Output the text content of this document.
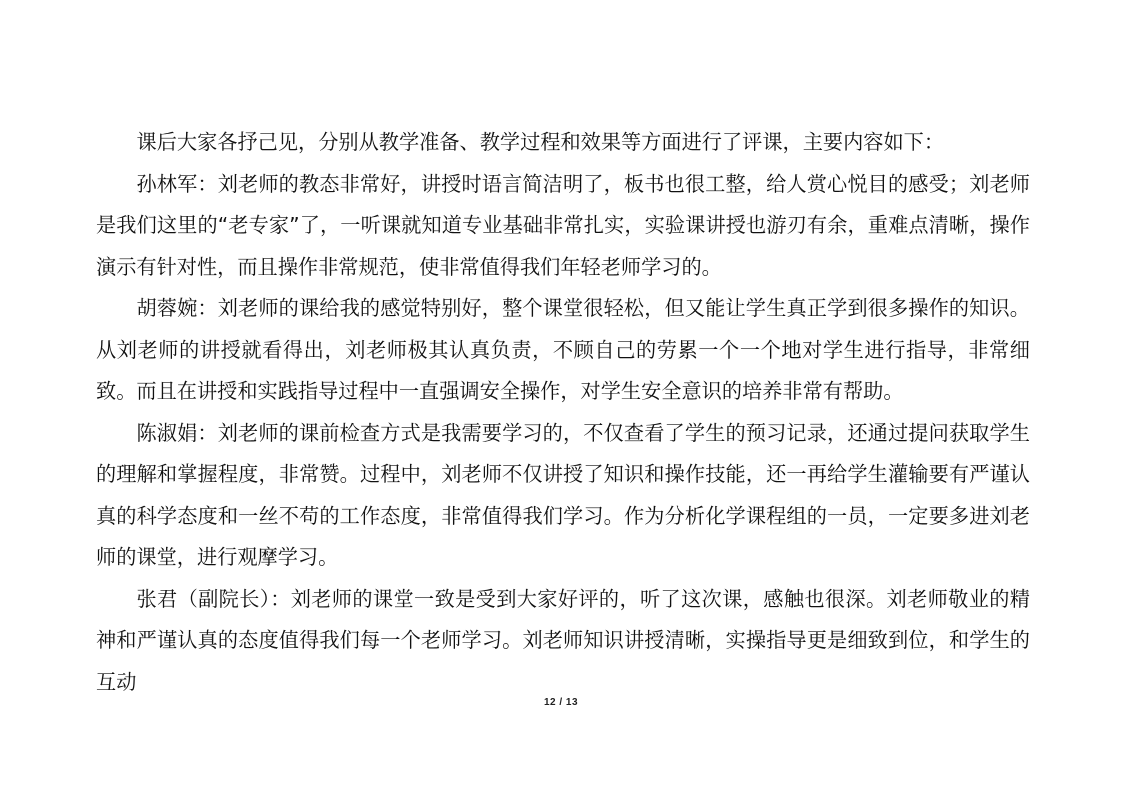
课后大家各抒己见，分别从教学准备、教学过程和效果等方面进行了评课，主要内容如下：

孙林军：刘老师的教态非常好，讲授时语言简洁明了，板书也很工整，给人赏心悦目的感受；刘老师是我们这里的“老专家”了，一听课就知道专业基础非常扎实，实验课讲授也游刃有余，重难点清晰，操作演示有针对性，而且操作非常规范，使非常值得我们年轻老师学习的。

胡蓉婉：刘老师的课给我的感觉特别好，整个课堂很轻松，但又能让学生真正学到很多操作的知识。从刘老师的讲授就看得出，刘老师极其认真负责，不顾自己的劳累一个一个地对学生进行指导，非常细致。而且在讲授和实践指导过程中一直强调安全操作，对学生安全意识的培养非常有帮助。

陈淑娟：刘老师的课前检查方式是我需要学习的，不仅查看了学生的预习记录，还通过提问获取学生的理解和掌握程度，非常赞。过程中，刘老师不仅讲授了知识和操作技能，还一再给学生灌输要有严谨认真的科学态度和一丝不苟的工作态度，非常值得我们学习。作为分析化学课程组的一员，一定要多进刘老师的课堂，进行观摩学习。

张君（副院长）：刘老师的课堂一致是受到大家好评的，听了这次课，感触也很深。刘老师敬业的精神和严谨认真的态度值得我们每一个老师学习。刘老师知识讲授清晰，实操指导更是细致到位，和学生的互动

12 / 13
